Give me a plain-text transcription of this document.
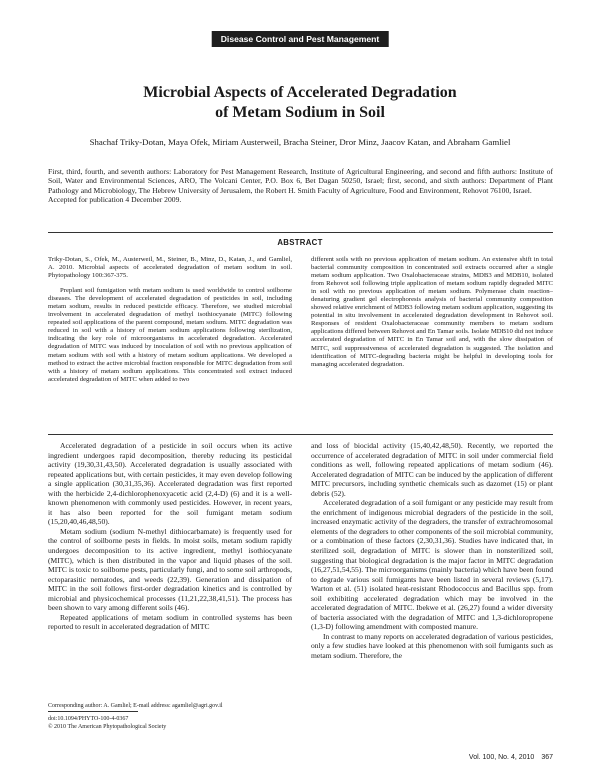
Disease Control and Pest Management
Microbial Aspects of Accelerated Degradation
of Metam Sodium in Soil
Shachaf Triky-Dotan, Maya Ofek, Miriam Austerweil, Bracha Steiner, Dror Minz, Jaacov Katan, and Abraham Gamliel

First, third, fourth, and seventh authors: Laboratory for Pest Management Research, Institute of Agricultural Engineering, and second and fifth authors: Institute of Soil, Water and Environmental Sciences, ARO, The Volcani Center, P.O. Box 6, Bet Dagan 50250, Israel; first, second, and sixth authors: Department of Plant Pathology and Microbiology, The Hebrew University of Jerusalem, the Robert H. Smith Faculty of Agriculture, Food and Environment, Rehovot 76100, Israel.

Accepted for publication 4 December 2009.

ABSTRACT

Triky-Dotan, S., Ofek, M., Austerweil, M., Steiner, B., Minz, D., Katan, J., and Gamliel, A. 2010. Microbial aspects of accelerated degradation of metam sodium in soil. Phytopathology 100:367-375.

Preplant soil fumigation with metam sodium is used worldwide to control soilborne diseases. The development of accelerated degradation of pesticides in soil, including metam sodium, results in reduced pesticide efficacy. Therefore, we studied microbial involvement in accelerated degradation of methyl isothiocyanate (MITC) following repeated soil applications of the parent compound, metam sodium. MITC degradation was reduced in soil with a history of metam sodium applications following sterilization, indicating the key role of microorganisms in accelerated degradation. Accelerated degradation of MITC was induced by inoculation of soil with no previous application of metam sodium with soil with a history of metam sodium applications. We developed a method to extract the active microbial fraction responsible for MITC degradation from soil with a history of metam sodium applications. This concentrated soil extract induced accelerated degradation of MITC when added to two

different soils with no previous application of metam sodium. An extensive shift in total bacterial community composition in concentrated soil extracts occurred after a single metam sodium application. Two Oxalobacteraceae strains, MDB3 and MDB10, isolated from Rehovot soil following triple application of metam sodium rapidly degraded MITC in soil with no previous application of metam sodium. Polymerase chain reaction–denaturing gradient gel electrophoresis analysis of bacterial community composition showed relative enrichment of MDB3 following metam sodium application, suggesting its potential in situ involvement in accelerated degradation development in Rehovot soil. Responses of resident Oxalobacteraceae community members to metam sodium applications differed between Rehovot and En Tamar soils. Isolate MDB10 did not induce accelerated degradation of MITC in En Tamar soil and, with the slow dissipation of MITC, soil suppressiveness of accelerated degradation is suggested. The isolation and identification of MITC-degrading bacteria might be helpful in developing tools for managing accelerated degradation.

Accelerated degradation of a pesticide in soil occurs when its active ingredient undergoes rapid decomposition, thereby reducing its pesticidal activity (19,30,31,43,50). Accelerated degradation is usually associated with repeated applications but, with certain pesticides, it may even develop following a single application (30,31,35,36). Accelerated degradation was first reported with the herbicide 2,4-dichlorophenoxyacetic acid (2,4-D) (6) and it is a well-known phenomenon with commonly used pesticides. However, in recent years, it has also been reported for the soil fumigant metam sodium (15,20,40,46,48,50).

Metam sodium (sodium N-methyl dithiocarbamate) is frequently used for the control of soilborne pests in fields. In moist soils, metam sodium rapidly undergoes decomposition to its active ingredient, methyl isothiocyanate (MITC), which is then distributed in the vapor and liquid phases of the soil. MITC is toxic to soilborne pests, particularly fungi, and to some soil arthropods, ectoparasitic nematodes, and weeds (22,39). Generation and dissipation of MITC in the soil follows first-order degradation kinetics and is controlled by microbial and physicochemical processes (11,21,22,38,41,51). The process has been shown to vary among different soils (46).

Repeated applications of metam sodium in controlled systems has been reported to result in accelerated degradation of MITC

and loss of biocidal activity (15,40,42,48,50). Recently, we reported the occurrence of accelerated degradation of MITC in soil under commercial field conditions as well, following repeated applications of metam sodium (46). Accelerated degradation of MITC can be induced by the application of different MITC precursors, including synthetic chemicals such as dazomet (15) or plant debris (52).

Accelerated degradation of a soil fumigant or any pesticide may result from the enrichment of indigenous microbial degraders of the pesticide in the soil, increased enzymatic activity of the degraders, the transfer of extrachromosomal elements of the degraders to other components of the soil microbial community, or a combination of these factors (2,30,31,36). Studies have indicated that, in sterilized soil, degradation of MITC is slower than in nonsterilized soil, suggesting that biological degradation is the major factor in MITC degradation (16,27,51,54,55). The microorganisms (mainly bacteria) which have been found to degrade various soil fumigants have been listed in several reviews (5,17). Warton et al. (51) isolated heat-resistant Rhodococcus and Bacillus spp. from soil exhibiting accelerated degradation which may be involved in the accelerated degradation of MITC. Ibekwe et al. (26,27) found a wider diversity of bacteria associated with the degradation of MITC and 1,3-dichloropropene (1,3-D) following amendment with composted manure.

In contrast to many reports on accelerated degradation of various pesticides, only a few studies have looked at this phenomenon with soil fumigants such as metam sodium. Therefore, the

Corresponding author: A. Gamliel; E-mail address: agamliel@agri.gov.il
doi:10.1094/PHYTO-100-4-0367
© 2010 The American Phytopathological Society
Vol. 100, No. 4, 2010 367
